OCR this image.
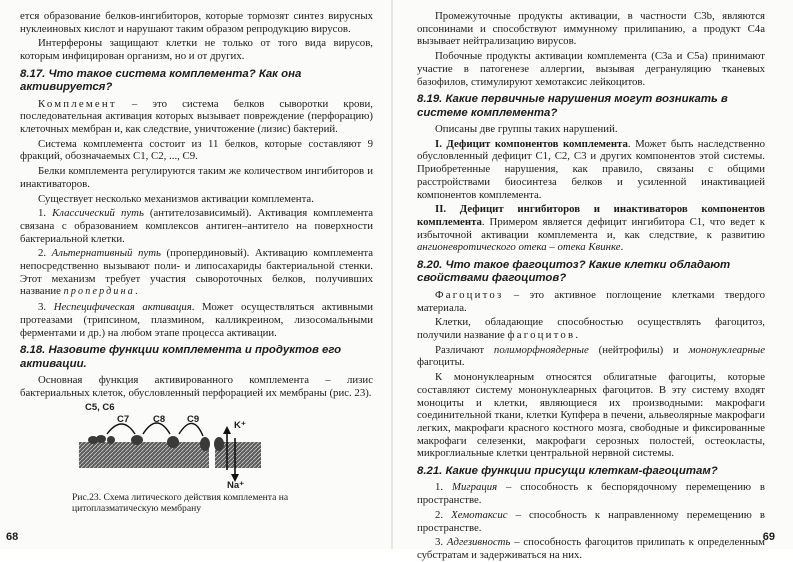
ется образование белков-ингибиторов, которые тормозят синтез вирусных нуклеиновых кислот и нарушают таким образом репродукцию вирусов.

Интерфероны защищают клетки не только от того вида вирусов, которым инфицирован организм, но и от других.

8.17. Что такое система комплемента? Как она активируется?

Комплемент – это система белков сыворотки крови, последовательная активация которых вызывает повреждение (перфорацию) клеточных мембран и, как следствие, уничтожение (лизис) бактерий.

Система комплемента состоит из 11 белков, которые составляют 9 фракций, обозначаемых C1, C2, ..., C9.

Белки комплемента регулируются таким же количеством ингибиторов и инактиваторов.

Существует несколько механизмов активации комплемента.

1. Классический путь (антителозависимый). Активация комплемента связана с образованием комплексов антиген–антитело на поверхности бактериальной клетки.

2. Альтернативный путь (пропердиновый). Активацию комплемента непосредственно вызывают поли- и липосахариды бактериальной стенки. Этот механизм требует участия сывороточных белков, получивших название пропердина.

3. Неспецифическая активация. Может осуществляться активными протеазами (трипсином, плазмином, калликреином, лизосомальными ферментами и др.) на любом этапе процесса активации.

8.18. Назовите функции комплемента и продуктов его активации.

Основная функция активированного комплемента – лизис бактериальных клеток, обусловленный перфорацией их мембраны (рис. 23).

C5, C6
C7	C8 C9
K⁺
Na⁺

Рис.23. Схема литического действия комплемента на цитоплазматическую мембрану

68

Промежуточные продукты активации, в частности C3b, являются опсонинами и способствуют иммунному прилипанию, а продукт C4a вызывает нейтрализацию вирусов.

Побочные продукты активации комплемента (C3a и C5a) принимают участие в патогенезе аллергии, вызывая дегрануляцию тканевых базофилов, стимулируют хемотаксис лейкоцитов.

8.19. Какие первичные нарушения могут возникать в системе комплемента?

Описаны две группы таких нарушений.

I. Дефицит компонентов комплемента. Может быть наследственно обусловленный дефицит C1, C2, C3 и других компонентов этой системы. Приобретенные нарушения, как правило, связаны с общими расстройствами биосинтеза белков и усиленной инактивацией компонентов комплемента.

II. Дефицит ингибиторов и инактиваторов компонентов комплемента. Примером является дефицит ингибитора C1, что ведет к избыточной активации комплемента и, как следствие, к развитию ангионевротического отека – отека Квинке.

8.20. Что такое фагоцитоз? Какие клетки обладают свойствами фагоцитов?

Фагоцитоз – это активное поглощение клетками твердого материала.

Клетки, обладающие способностью осуществлять фагоцитоз, получили название фагоцитов.

Различают полиморфноядерные (нейтрофилы) и мононуклеарные фагоциты.

К мононуклеарным относятся облигатные фагоциты, которые составляют систему мононуклеарных фагоцитов. В эту систему входят моноциты и клетки, являющиеся их производными: макрофаги соединительной ткани, клетки Купфера в печени, альвеолярные макрофаги легких, макрофаги красного костного мозга, свободные и фиксированные макрофаги селезенки, макрофаги серозных полостей, остеокласты, микроглиальные клетки центральной нервной системы.

8.21. Какие функции присущи клеткам-фагоцитам?

1. Миграция – способность к беспорядочному перемещению в пространстве.

2. Хемотаксис – способность к направленному перемещению в пространстве.

3. Адгезивность – способность фагоцитов прилипать к определенным субстратам и задерживаться на них.

69
